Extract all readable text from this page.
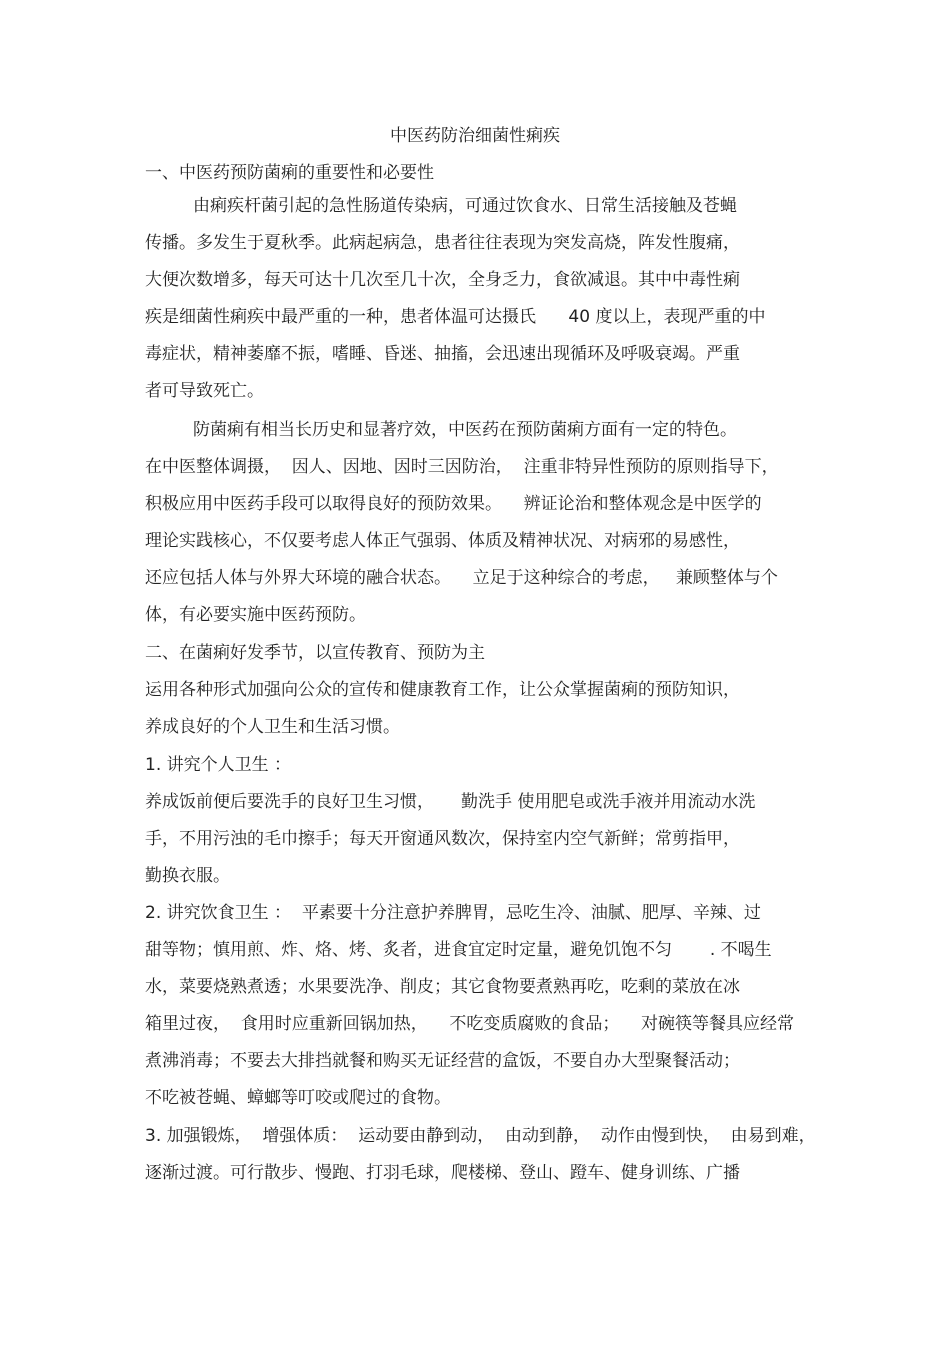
中医药防治细菌性痢疾
一、中医药预防菌痢的重要性和必要性
由痢疾杆菌引起的急性肠道传染病，可通过饮食水、日常生活接触及苍蝇
传播。多发生于夏秋季。此病起病急，患者往往表现为突发高烧，阵发性腹痛，
大便次数增多，每天可达十几次至几十次，全身乏力，食欲减退。其中中毒性痢
疾是细菌性痢疾中最严重的一种，患者体温可达摄氏      40 度以上，表现严重的中
毒症状，精神萎靡不振，嗜睡、昏迷、抽搐，会迅速出现循环及呼吸衰竭。严重
者可导致死亡。
防菌痢有相当长历史和显著疗效，中医药在预防菌痢方面有一定的特色。
在中医整体调摄，  因人、因地、因时三因防治，  注重非特异性预防的原则指导下，
积极应用中医药手段可以取得良好的预防效果。    辨证论治和整体观念是中医学的
理论实践核心，不仅要考虑人体正气强弱、体质及精神状况、对病邪的易感性，
还应包括人体与外界大环境的融合状态。    立足于这种综合的考虑，   兼顾整体与个
体，有必要实施中医药预防。
二、在菌痢好发季节，以宣传教育、预防为主
运用各种形式加强向公众的宣传和健康教育工作，让公众掌握菌痢的预防知识，
养成良好的个人卫生和生活习惯。
1. 讲究个人卫生 ：
养成饭前便后要洗手的良好卫生习惯，     勤洗手 使用肥皂或洗手液并用流动水洗
手，不用污浊的毛巾擦手；每天开窗通风数次，保持室内空气新鲜；常剪指甲，
勤换衣服。
2. 讲究饮食卫生 ：  平素要十分注意护养脾胃，忌吃生冷、油腻、肥厚、辛辣、过
甜等物；慎用煎、炸、烙、烤、炙者，进食宜定时定量，避免饥饱不匀       . 不喝生
水，菜要烧熟煮透；水果要洗净、削皮；其它食物要煮熟再吃，吃剩的菜放在冰
箱里过夜，  食用时应重新回锅加热，    不吃变质腐败的食品；    对碗筷等餐具应经常
煮沸消毒；不要去大排挡就餐和购买无证经营的盒饭，不要自办大型聚餐活动；
不吃被苍蝇、蟑螂等叮咬或爬过的食物。
3. 加强锻炼，  增强体质：  运动要由静到动，  由动到静，  动作由慢到快，  由易到难，
逐渐过渡。可行散步、慢跑、打羽毛球，爬楼梯、登山、蹬车、健身训练、广播
